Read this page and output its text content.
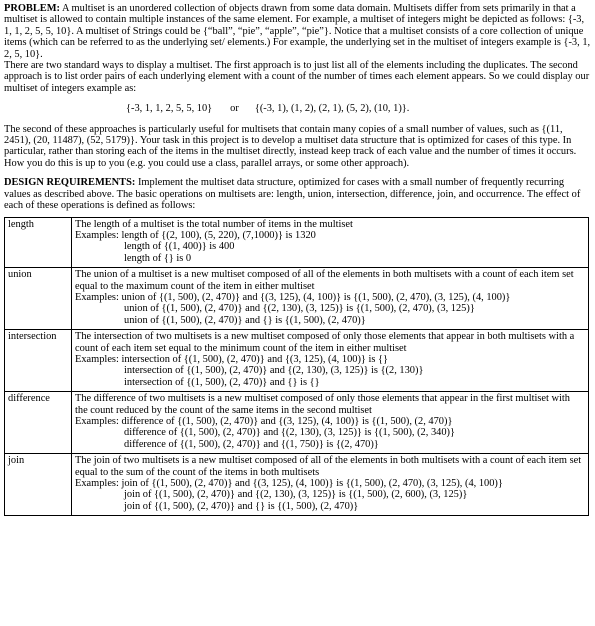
PROBLEM: A multiset is an unordered collection of objects drawn from some data domain. Multisets differ from sets primarily in that a multiset is allowed to contain multiple instances of the same element. For example, a multiset of integers might be depicted as follows: {-3, 1, 1, 2, 5, 5, 10}. A multiset of Strings could be {“ball”, “pie”, “apple”, “pie”}. Notice that a multiset consists of a core collection of unique items (which can be referred to as the underlying set/ elements.) For example, the underlying set in the multiset of integers example is {-3, 1, 2, 5, 10}.

There are two standard ways to display a multiset. The first approach is to just list all of the elements including the duplicates. The second approach is to list order pairs of each underlying element with a count of the number of times each element appears. So we could display our multiset of integers example as:

{-3, 1, 1, 2, 5, 5, 10} or {(-3, 1), (1, 2), (2, 1), (5, 2), (10, 1)}.

The second of these approaches is particularly useful for multisets that contain many copies of a small number of values, such as {(11, 2451), (20, 11487), (52, 5179)}. Your task in this project is to develop a multiset data structure that is optimized for cases of this type. In particular, rather than storing each of the items in the multiset directly, instead keep track of each value and the number of times it occurs. How you do this is up to you (e.g. you could use a class, parallel arrays, or some other approach).

DESIGN REQUIREMENTS: Implement the multiset data structure, optimized for cases with a small number of frequently recurring values as described above. The basic operations on multisets are: length, union, intersection, difference, join, and occurrence. The effect of each of these operations is defined as follows:

length	The length of a multiset is the total number of items in the multiset
Examples: length of {(2, 100), (5, 220), (7,1000)} is 1320
length of {(1, 400)} is 400
length of {} is 0

union	The union of a multiset is a new multiset composed of all of the elements in both multisets with a count of each item set equal to the maximum count of the item in either multiset
Examples: union of {(1, 500), (2, 470)} and {(3, 125), (4, 100)} is {(1, 500), (2, 470), (3, 125), (4, 100)}
union of {(1, 500), (2, 470)} and {(2, 130), (3, 125)} is {(1, 500), (2, 470), (3, 125)}
union of {(1, 500), (2, 470)} and {} is {(1, 500), (2, 470)}

intersection	The intersection of two multisets is a new multiset composed of only those elements that appear in both multisets with a count of each item set equal to the minimum count of the item in either multiset
Examples: intersection of {(1, 500), (2, 470)} and {(3, 125), (4, 100)} is {}
intersection of {(1, 500), (2, 470)} and {(2, 130), (3, 125)} is {(2, 130)}
intersection of {(1, 500), (2, 470)} and {} is {}

difference	The difference of two multisets is a new multiset composed of only those elements that appear in the first multiset with the count reduced by the count of the same items in the second multiset
Examples: difference of {(1, 500), (2, 470)} and {(3, 125), (4, 100)} is {(1, 500), (2, 470)}
difference of {(1, 500), (2, 470)} and {(2, 130), (3, 125)} is {(1, 500), (2, 340)}
difference of {(1, 500), (2, 470)} and {(1, 750)} is {(2, 470)}

join	The join of two multisets is a new multiset composed of all of the elements in both multisets with a count of each item set equal to the sum of the count of the items in both multisets
Examples: join of {(1, 500), (2, 470)} and {(3, 125), (4, 100)} is {(1, 500), (2, 470), (3, 125), (4, 100)}
join of {(1, 500), (2, 470)} and {(2, 130), (3, 125)} is {(1, 500), (2, 600), (3, 125)}
join of {(1, 500), (2, 470)} and {} is {(1, 500), (2, 470)}
